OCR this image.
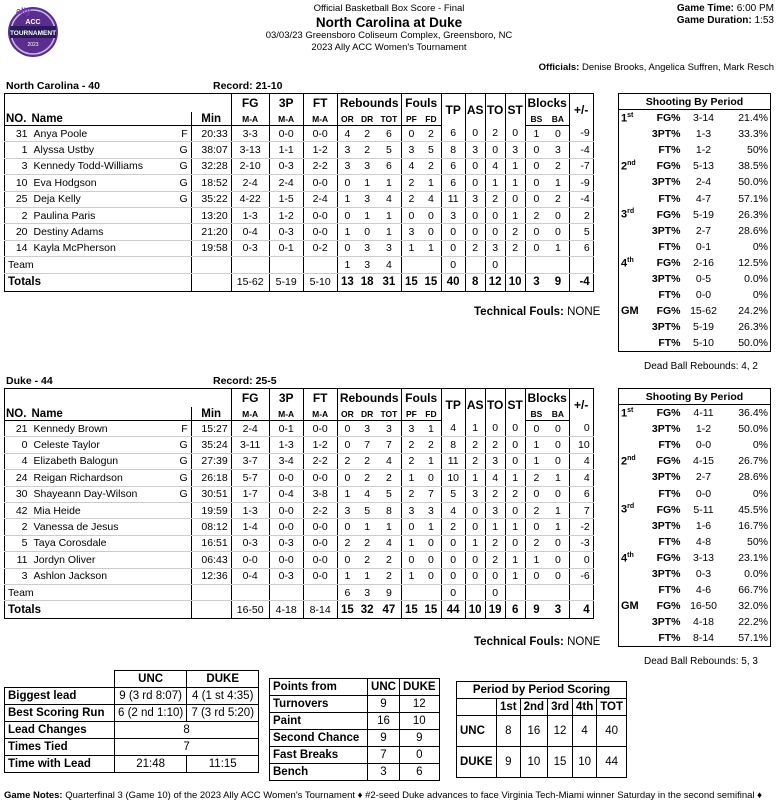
ally
ACC
TOURNAMENT
2023
Official Basketball Box Score - Final
North Carolina at Duke
03/03/23 Greensboro Coliseum Complex, Greensboro, NC
2023 Ally ACC Women's Tournament
Game Time: 6:00 PM
Game Duration: 1:53
Officials: Denise Brooks, Angelica Suffren, Mark Resch
North Carolina - 40	Record: 21-10
				FG	3P	FT	Rebounds			Fouls		TP	AS	TO	ST	Blocks		+/-
NO.	Name		Min	M-A	M-A	M-A	OR	DR	TOT	PF	FD					BS	BA	
31	Anya Poole	F	20:33	3-3	0-0	0-0	4	2	6	0	2	6	0	2	0	1	0	-9
1	Alyssa Ustby	G	38:07	3-13	1-1	1-2	3	2	5	3	5	8	3	0	3	0	3	-4
3	Kennedy Todd-Williams	G	32:28	2-10	0-3	2-2	3	3	6	4	2	6	0	4	1	0	2	-7
10	Eva Hodgson	G	18:52	2-4	2-4	0-0	0	1	1	2	1	6	0	1	1	0	1	-9
25	Deja Kelly	G	35:22	4-22	1-5	2-4	1	3	4	2	4	11	3	2	0	0	2	-4
2	Paulina Paris		13:20	1-3	1-2	0-0	0	1	1	0	0	3	0	0	1	2	0	2
20	Destiny Adams		21:20	0-4	0-3	0-0	1	0	1	3	0	0	0	0	2	0	0	5
14	Kayla McPherson		19:58	0-3	0-1	0-2	0	3	3	1	1	0	2	3	2	0	1	6
Team							1	3	4			0		0				
Totals				15-62	5-19	5-10	13	18	31	15	15	40	8	12	10	3	9	-4
Technical Fouls: NONE
Shooting By Period			
1st	FG%	3-14	21.4%
	3PT%	1-3	33.3%
	FT%	1-2	50%
2nd	FG%	5-13	38.5%
	3PT%	2-4	50.0%
	FT%	4-7	57.1%
3rd	FG%	5-19	26.3%
	3PT%	2-7	28.6%
	FT%	0-1	0%
4th	FG%	2-16	12.5%
	3PT%	0-5	0.0%
	FT%	0-0	0%
GM	FG%	15-62	24.2%
	3PT%	5-19	26.3%
	FT%	5-10	50.0%
Dead Ball Rebounds: 4, 2
Duke - 44	Record: 25-5
				FG	3P	FT	Rebounds			Fouls		TP	AS	TO	ST	Blocks		+/-
NO.	Name		Min	M-A	M-A	M-A	OR	DR	TOT	PF	FD					BS	BA	
21	Kennedy Brown	F	15:27	2-4	0-1	0-0	0	3	3	3	1	4	1	0	0	0	0	0
0	Celeste Taylor	G	35:24	3-11	1-3	1-2	0	7	7	2	2	8	2	2	0	1	0	10
4	Elizabeth Balogun	G	27:39	3-7	3-4	2-2	2	2	4	2	1	11	2	3	0	1	0	4
24	Reigan Richardson	G	26:18	5-7	0-0	0-0	0	2	2	1	0	10	1	4	1	2	1	4
30	Shayeann Day-Wilson	G	30:51	1-7	0-4	3-8	1	4	5	2	7	5	3	2	2	0	0	6
42	Mia Heide		19:59	1-3	0-0	2-2	3	5	8	3	3	4	0	3	0	2	1	7
2	Vanessa de Jesus		08:12	1-4	0-0	0-0	0	1	1	0	1	2	0	1	1	0	1	-2
5	Taya Corosdale		16:51	0-3	0-3	0-0	2	2	4	1	0	0	1	2	0	2	0	-3
11	Jordyn Oliver		06:43	0-0	0-0	0-0	0	2	2	0	0	0	0	2	1	1	0	0
3	Ashlon Jackson		12:36	0-4	0-3	0-0	1	1	2	1	0	0	0	0	1	0	0	-6
Team							6	3	9			0		0				
Totals				16-50	4-18	8-14	15	32	47	15	15	44	10	19	6	9	3	4
Technical Fouls: NONE
Shooting By Period			
1st	FG%	4-11	36.4%
	3PT%	1-2	50.0%
	FT%	0-0	0%
2nd	FG%	4-15	26.7%
	3PT%	2-7	28.6%
	FT%	0-0	0%
3rd	FG%	5-11	45.5%
	3PT%	1-6	16.7%
	FT%	4-8	50%
4th	FG%	3-13	23.1%
	3PT%	0-3	0.0%
	FT%	4-6	66.7%
GM	FG%	16-50	32.0%
	3PT%	4-18	22.2%
	FT%	8-14	57.1%
Dead Ball Rebounds: 5, 3
	UNC	DUKE
Biggest lead	9 (3 rd 8:07)	4 (1 st 4:35)
Best Scoring Run	6 (2 nd 1:10)	7 (3 rd 5:20)
Lead Changes	8	
Times Tied	7	
Time with Lead	21:48	11:15
Points from	UNC	DUKE
Turnovers	9	12
Paint	16	10
Second Chance	9	9
Fast Breaks	7	0
Bench	3	6
Period by Period Scoring					
	1st	2nd	3rd	4th	TOT
UNC	8	16	12	4	40
DUKE	9	10	15	10	44
Game Notes: Quarterfinal 3 (Game 10) of the 2023 Ally ACC Women's Tournament ♦ #2-seed Duke advances to face Virginia Tech-Miami winner Saturday in the second semifinal ♦
